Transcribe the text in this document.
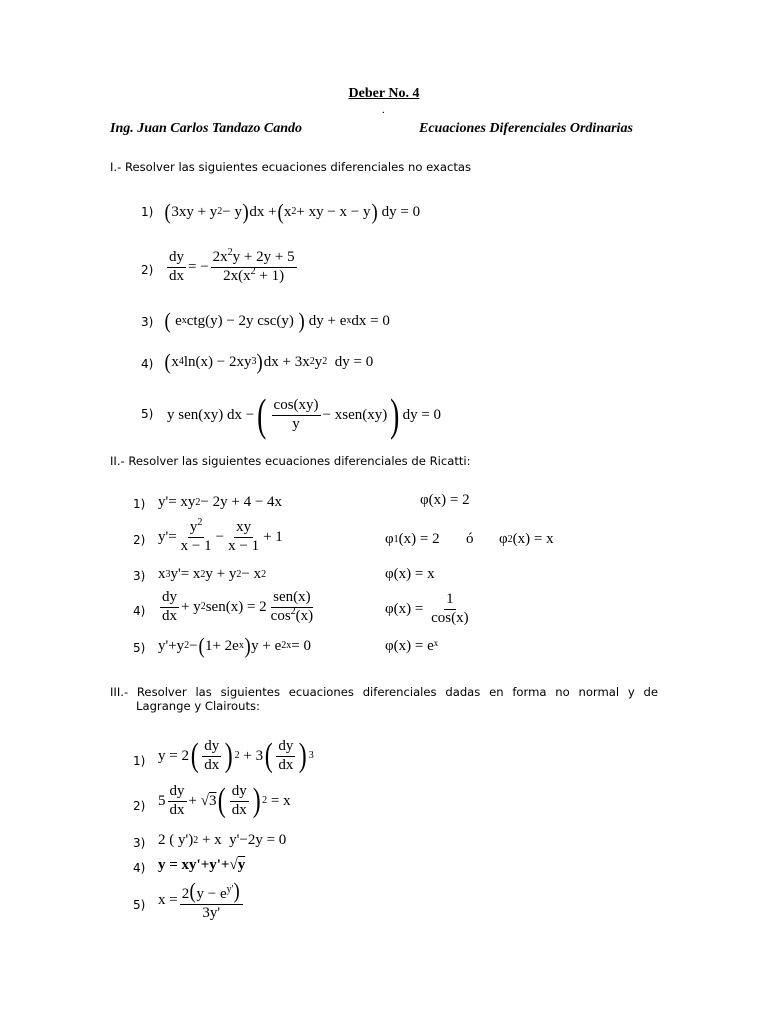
Deber No. 4
.
Ing. Juan Carlos Tandazo Cando	Ecuaciones Diferenciales Ordinarias
I.- Resolver las siguientes ecuaciones diferenciales no exactas
1) ( 3xy + y 2 − y ) dx + ( x 2 + xy − x − y ) dy = 0
$2) \frac{dy}{dx}$ = − $\frac{2x^2y + 2y + 5}{2x(x^2 + 1)}$
3) ( e x ctg(y) − 2y csc(y) ) dy + e x dx = 0
4) ( x 4 ln(x) − 2xy 3 ) dx + 3x 2 y 2 dy = 0
5) y sen(xy) dx − ( $\frac{\cos(xy)}{y}$ − xsen(xy) ) dy = 0
II.- Resolver las siguientes ecuaciones diferenciales de Ricatti:
1) y'= xy 2 − 2y + 4 − 4x	φ(x) = 2
2) $y'= \frac{y^2}{x - 1} - \frac{xy}{x - 1} + 1$	φ 1 (x) = 2 ó φ 2 (x) = x
3) x 3 y'= x 2 y + y 2 − x 2	φ(x) = x
$4) \frac{dy}{dx} + y$ 2 $sen(x) = 2 \frac{\text{sen(x)}}{\cos^2(x)}$	φ(x) =
$\frac{1}{\cos(x)}$
5) y'+y 2 − ( 1+ 2e x ) y + e 2x = 0	φ(x) = eˣ
III.- Resolver las siguientes ecuaciones diferenciales dadas en forma no normal y de
Lagrange y Clairouts:
1) y = 2 ( $\frac{dy}{dx}$ ) 2 + 3 ( $\frac{dy}{dx}$ ) 3
2) $5 \frac{dy}{dx}$ + √ 3 ( $\frac{dy}{dx}$ ) 2 = x
3) 2 ( y') 2 + x  y'−2y = 0
4) y = xy'+y'+√ y
5) $x = \frac{2(y - e^{y'})}{3y'}$
